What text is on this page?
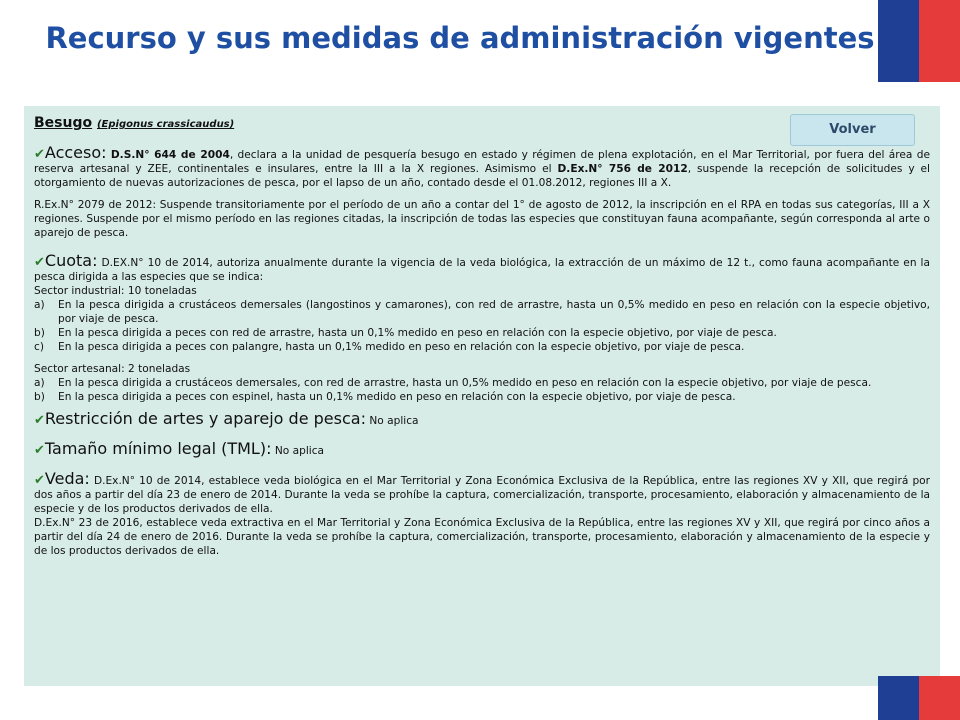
Recurso y sus medidas de administración vigentes
Besugo (Epigonus crassicaudus)
✔Acceso: D.S.N° 644 de 2004, declara a la unidad de pesquería besugo en estado y régimen de plena explotación, en el Mar Territorial, por fuera del área de reserva artesanal y ZEE, continentales e insulares, entre la III a la X regiones. Asimismo el D.Ex.N° 756 de 2012, suspende la recepción de solicitudes y el otorgamiento de nuevas autorizaciones de pesca, por el lapso de un año, contado desde el 01.08.2012, regiones III a X.
R.Ex.N° 2079 de 2012: Suspende transitoriamente por el período de un año a contar del 1° de agosto de 2012, la inscripción en el RPA en todas sus categorías, III a X regiones. Suspende por el mismo período en las regiones citadas, la inscripción de todas las especies que constituyan fauna acompañante, según corresponda al arte o aparejo de pesca.
✔Cuota: D.EX.N° 10 de 2014, autoriza anualmente durante la vigencia de la veda biológica, la extracción de un máximo de 12 t., como fauna acompañante en la pesca dirigida a las especies que se indica:
Sector industrial: 10 toneladas
a) En la pesca dirigida a crustáceos demersales (langostinos y camarones), con red de arrastre, hasta un 0,5% medido en peso en relación con la especie objetivo, por viaje de pesca.
b) En la pesca dirigida a peces con red de arrastre, hasta un 0,1% medido en peso en relación con la especie objetivo, por viaje de pesca.
c) En la pesca dirigida a peces con palangre, hasta un 0,1% medido en peso en relación con la especie objetivo, por viaje de pesca.
Sector artesanal: 2 toneladas
a) En la pesca dirigida a crustáceos demersales, con red de arrastre, hasta un 0,5% medido en peso en relación con la especie objetivo, por viaje de pesca.
b) En la pesca dirigida a peces con espinel, hasta un 0,1% medido en peso en relación con la especie objetivo, por viaje de pesca.
✔Restricción de artes y aparejo de pesca: No aplica
✔Tamaño mínimo legal (TML): No aplica
✔Veda: D.Ex.N° 10 de 2014, establece veda biológica en el Mar Territorial y Zona Económica Exclusiva de la República, entre las regiones XV y XII, que regirá por dos años a partir del día 23 de enero de 2014. Durante la veda se prohíbe la captura, comercialización, transporte, procesamiento, elaboración y almacenamiento de la especie y de los productos derivados de ella.
D.Ex.N° 23 de 2016, establece veda extractiva en el Mar Territorial y Zona Económica Exclusiva de la República, entre las regiones XV y XII, que regirá por cinco años a partir del día 24 de enero de 2016. Durante la veda se prohíbe la captura, comercialización, transporte, procesamiento, elaboración y almacenamiento de la especie y de los productos derivados de ella.
Volver
